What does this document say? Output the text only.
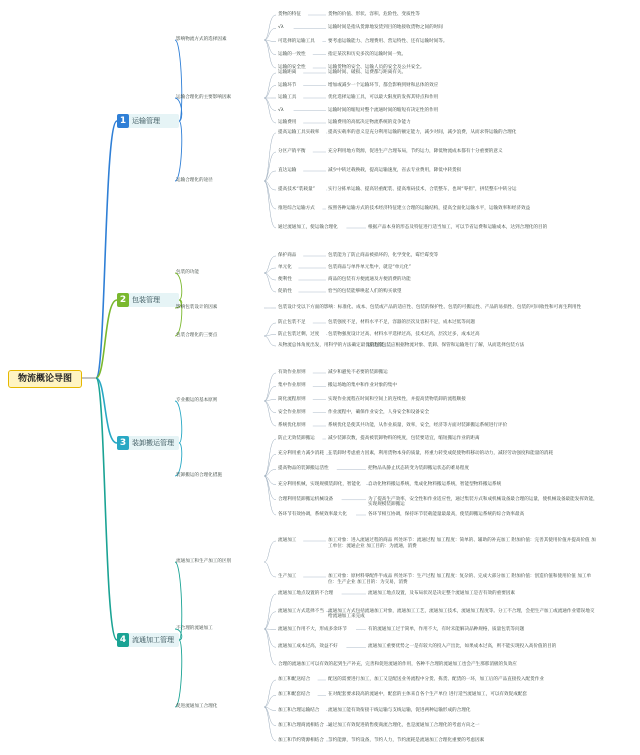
物流概论导图
1 运输管理
影响物流方式的选择因素
货物的特征	货物的价值、形状、容积、危险性、变质性等
√λ	运输时间是指从货源地发货到目的地接收货物之间的时间
可选择的运输工具	要考虑运输能力、合理费用、营运特性、还有运输时间等。
运输的一致性	指定某次和历史多次的运输时间一致。
运输的安全性	运输货物的安全、运输人员的安全及公共安全。
运输合理化的主要影响因素
运输距离	运输时间、破损、运费都与距离有关。
运输环节	增加或减少一个运输环节，都会影响到财和总体的效应
运输工具	优化选择运输工具，可以最大限度的发挥其特点和作用
√λ	运输时间的缩短对整个流通时间的缩短有决定性的作用
运输费用	运输费用的高低决定物流系统的竞争能力
运输合理化的途径
提高运输工具实载率 提高实载率的意义是充分利用运输的额定能力，减少对间，减少浪费，从而求得运输的合理化
分区产销平衡	充分利用地方资源，促进生产合理布局，节约运力，降低物流成本都有十分重要的意义
直达运输	减少中转过载换载，提高运输速度，省去专业费用，降低中转货损
提高技术“装载量”	实行分拣单运输、提高轻重配装、提高堆码技术，合装整车，也叫“零担”，拼装整车中转分运
推进综合运输方式	按照各种运输方式的技术经济特征建立合理的运输结构，提高全面化运输水平，运输效率和经济效益
通过流通加工，使运输合理化	根据产品本身的形态及特征进行适当加工，可以节省运费和运输成本，达到合理化的目的
2 包装管理
包装的功能
保护商品	包装能为了防止商品被损坏的，化学变化，霉烂霉变等
单元化	包装商品与单件单元集中，就是“单元化”
便利性	商品的包装有方便流通及方便消费的功能
促销性	恰当的包装能够唤起人们的购买欲望
影响包装设计的因素	包装设计受以下方面的影响：标准化、成本、包装或产品的适应性、包装的保护性、包装的可搬运性、产品的易损性、包装的可回收性和可再生利用性
包装合理化的三要点
防止包装不足	包装强度不足，材料水平不足，容器的层次及容积不足，成本过低等问题
防止包装过剩，过度 包装物强度设计过高、材料水平选择过高，技术过高，层次过多，成本过高
从物流总体角度出发，用科学的方法确定最优的包装
因优的包装应根据物流对象、装卸、保管和运输进行了解，从而选择包装方法
3 装卸搬运管理
专业搬运的基本原则
有效作业原则	减少和避免不必要的装卸搬运
集中作业原则	搬运场地的集中和作业对象的集中
简化流程原则	实现作业流程在时间和空间上的连续性，并提高货物装卸的流程顺接
安全作业原则	作业流程中，确保作业安全，人身安全和设备安全
系统优化原则	系统优化是使其共功能，从作业质量，效率，安全，经济等方面对装卸搬运系统进行评价
装卸搬运的合理化措施
防止无效装卸搬运	减少装卸次数，提高被装卸物料的纯度，包装要适宜，缩短搬运作业的距离
充分利用重力减少消耗 在装卸时考虑重力因素，利用货物本身的质量，将重力转变成促使物料移动的动力，减轻劳动强度和能量的消耗
提高物品的装卸搬运活性	把物品从静止状态转变为装卸搬运状态的难易程度
充分利用机械，实现规模装卸化，智能化 自动化物料搬运系统，集成化物料搬运系统，智能型物料搬运系统
合理利用装卸搬运机械设备	为了提高生产效率，安全性和作业适应性，通过集装方式和成机械设备最合理的运量，使机械设备最能发挥效能，实现规模装卸搬运
各环节有效协调，系统效率最大化	各环节相互协调，保持环节装载能量最最高，使装卸搬运系统的综合效率最高
4 流通加工管理
流通加工和生产加工的区别
流通加工	加工对象：进入流通过程的商品 所处环节：流通过程 加工程度：简单的、辅助的补充加工 附加价值：完善其使用价值并提高价值 加工单位：流通企业 加工目的：为流通，消费
生产加工	加工对象：原材料零配件半成品 所处环节：生产过程 加工程度：复杂的、完成大部分加工 附加价值：创造价值和使用价值 加工单位：生产企业 加工目的：为交易，消费
不合理的流通加工
流通加工地点设置的不合理	流通加工地点设置，及布局状况是决定整个流通加工是否有效的重要因素
流通加工方式选择不当 流通加工方式包括流通加工对象，流通加工工艺，流通加工技术，流通加工程度等。分工不合理，会把生产加工或流通作业错误地交给流通加工来完成
流通加工作用不大，形成多余环节	有的流通加工过于简单，作用不大，有时未能解决品种规格，质量包装等问题
流通加工成本过高，效益不好	流通加工重要优势之一是有较大的投入产出比，如果成本过高，则不能实现投入高价值的目的
合理的流通加工可以有效的起到生产补充，完善和促进流通的作用，各种不合理的流通加工也会产生那那消极的负效应
促进流通加工合理化
加工和配送结合	配送的需要进行加工，加工又是配送业务流程中分货、拣货、配货的一环，加工后的产品直接投入配货作业
加工和配套结合	在对配套要求较高的流通中，配套的主体来自各个生产单位 进行适当流通加工，可以有效促成配套
加工和合理运输结合 流通加工能有效衔接干线运输与支线运输，促进两种运输形成的合理化
加工和合理商流相结合 通过加工有效促进销售使商流合理化，也是流通加工合理化的考虑方向之一
加工和节约资源相结合 节约能源，节约设备，节约人力，节约流耗是流通加工合理化重要的考虑因素
